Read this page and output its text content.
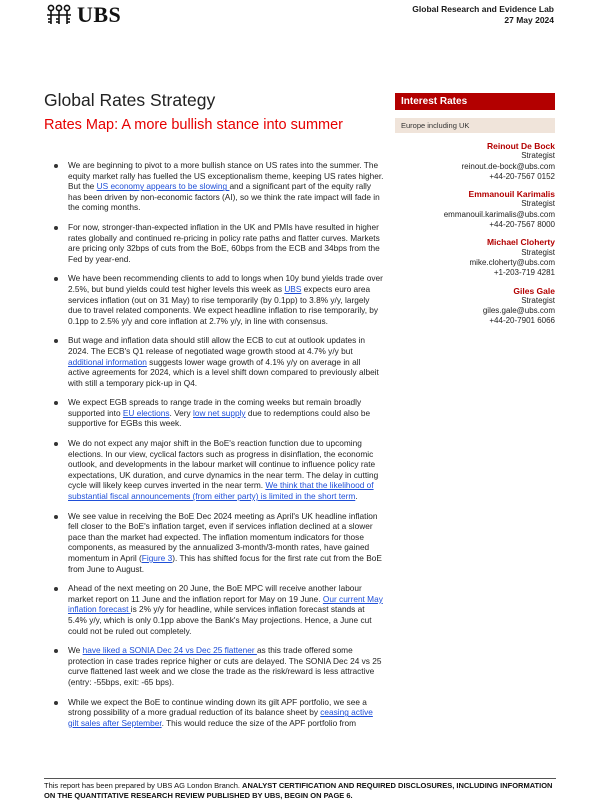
UBS	Global Research and Evidence Lab
27 May 2024
Global Rates Strategy
Rates Map: A more bullish stance into summer
Interest Rates
Europe including UK
Reinout De Bock
Strategist
reinout.de-bock@ubs.com
+44-20-7567 0152
Emmanouil Karimalis
Strategist
emmanouil.karimalis@ubs.com
+44-20-7567 8000
Michael Cloherty
Strategist
mike.cloherty@ubs.com
+1-203-719 4281
Giles Gale
Strategist
giles.gale@ubs.com
+44-20-7901 6066
We are beginning to pivot to a more bullish stance on US rates into the summer. The equity market rally has fuelled the US exceptionalism theme, keeping US rates higher. But the US economy appears to be slowing and a significant part of the equity rally has been driven by non-economic factors (AI), so we think the rate impact will fade in the coming months.
For now, stronger-than-expected inflation in the UK and PMIs have resulted in higher rates globally and continued re-pricing in policy rate paths and flatter curves. Markets are pricing only 32bps of cuts from the BoE, 60bps from the ECB and 34bps from the Fed by year-end.
We have been recommending clients to add to longs when 10y bund yields trade over 2.5%, but bund yields could test higher levels this week as UBS expects euro area services inflation (out on 31 May) to rise temporarily (by 0.1pp) to 3.8% y/y, largely due to travel related components. We expect headline inflation to rise temporarily, by 0.1pp to 2.5% y/y and core inflation at 2.7% y/y, in line with consensus.
But wage and inflation data should still allow the ECB to cut at outlook updates in 2024. The ECB's Q1 release of negotiated wage growth stood at 4.7% y/y but additional information suggests lower wage growth of 4.1% y/y on average in all active agreements for 2024, which is a level shift down compared to previously albeit with still a temporary pick-up in Q4.
We expect EGB spreads to range trade in the coming weeks but remain broadly supported into EU elections. Very low net supply due to redemptions could also be supportive for EGBs this week.
We do not expect any major shift in the BoE's reaction function due to upcoming elections. In our view, cyclical factors such as progress in disinflation, the economic outlook, and developments in the labour market will continue to influence policy rate expectations, UK duration, and curve dynamics in the near term. The delay in cutting cycle will likely keep curves inverted in the near term. We think that the likelihood of substantial fiscal announcements (from either party) is limited in the short term.
We see value in receiving the BoE Dec 2024 meeting as April's UK headline inflation fell closer to the BoE's inflation target, even if services inflation declined at a slower pace than the market had expected. The inflation momentum indicators for those components, as measured by the annualized 3-month/3-month rates, have gained momentum in April (Figure 3). This has shifted focus for the first rate cut from the BoE from June to August.
Ahead of the next meeting on 20 June, the BoE MPC will receive another labour market report on 11 June and the inflation report for May on 19 June. Our current May inflation forecast is 2% y/y for headline, while services inflation forecast stands at 5.4% y/y, which is only 0.1pp above the Bank's May projections. Hence, a June cut could not be ruled out completely.
We have liked a SONIA Dec 24 vs Dec 25 flattener as this trade offered some protection in case trades reprice higher or cuts are delayed. The SONIA Dec 24 vs 25 curve flattened last week and we close the trade as the risk/reward is less attractive (entry: -55bps, exit: -65 bps).
While we expect the BoE to continue winding down its gilt APF portfolio, we see a strong possibility of a more gradual reduction of its balance sheet by ceasing active gilt sales after September. This would reduce the size of the APF portfolio from
This report has been prepared by UBS AG London Branch. ANALYST CERTIFICATION AND REQUIRED DISCLOSURES, INCLUDING INFORMATION ON THE QUANTITATIVE RESEARCH REVIEW PUBLISHED BY UBS, BEGIN ON PAGE 6.
